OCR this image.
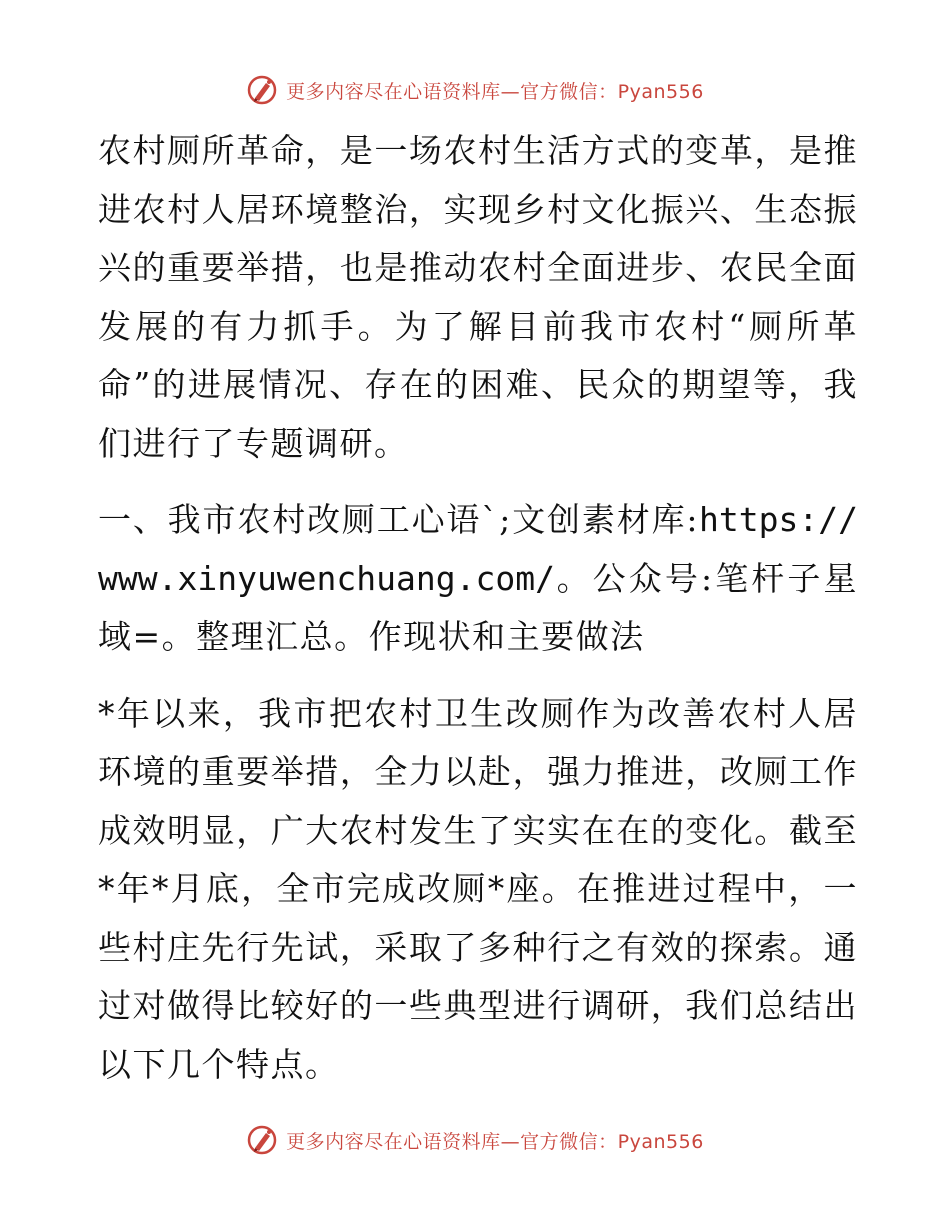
更多内容尽在心语资料库—官方微信：Pyan556

农村厕所革命，是一场农村生活方式的变革，是推进农村人居环境整治，实现乡村文化振兴、生态振兴的重要举措，也是推动农村全面进步、农民全面发展的有力抓手。为了解目前我市农村“厕所革命”的进展情况、存在的困难、民众的期望等，我们进行了专题调研。

一、我市农村改厕工心语`;文创素材库:https://www.xinyuwenchuang.com/。公众号:笔杆子星域=。整理汇总。作现状和主要做法

*年以来，我市把农村卫生改厕作为改善农村人居环境的重要举措，全力以赴，强力推进，改厕工作成效明显，广大农村发生了实实在在的变化。截至*年*月底，全市完成改厕*座。在推进过程中，一些村庄先行先试，采取了多种行之有效的探索。通过对做得比较好的一些典型进行调研，我们总结出以下几个特点。

更多内容尽在心语资料库—官方微信：Pyan556
